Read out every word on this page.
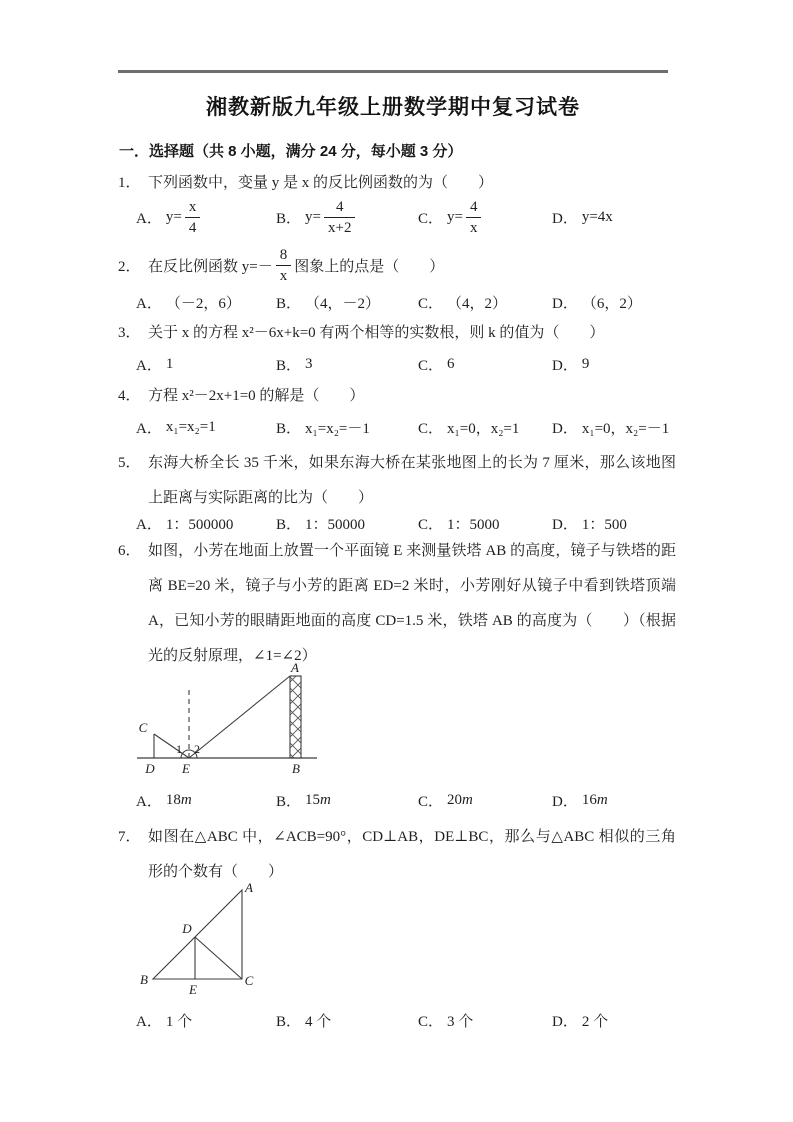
湘教新版九年级上册数学期中复习试卷
一．选择题（共 8 小题，满分 24 分，每小题 3 分）
1． 下列函数中，变量 y 是 x 的反比例函数的为（　　）
A． $y= \frac{x}{4}$	B． $y= \frac{4}{x+2}$	C． $y= \frac{4}{x}$	D． y=4x
2． 在反比例函数 $y=- \frac{8}{x}$ 图象上的点是（　　）
A． （－2，6） B． （4，－2）	C． （4，2）	D． （6，2）
3． 关于 x 的方程 x²－6x+k=0 有两个相等的实数根，则 k 的值为（　　）
A． 1	B． 3	C． 6	D． 9
4． 方程 x²－2x+1=0 的解是（　　）
A． x₁=x₂=1	B． x₁=x₂=－1	C． x₁=0，x₂=1 D． x₁=0，x₂=－1
5． 东海大桥全长 35 千米，如果东海大桥在某张地图上的长为 7 厘米，那么该地图上距离与实际距离的比为（　　）
A． 1：500000	B． 1：50000	C． 1：5000	D． 1：500
6． 如图，小芳在地面上放置一个平面镜 E 来测量铁塔 AB 的高度，镜子与铁塔的距离 BE=20 米，镜子与小芳的距离 ED=2 米时，小芳刚好从镜子中看到铁塔顶端 A，已知小芳的眼睛距地面的高度 CD=1.5 米，铁塔 AB 的高度为（　　）（根据光的反射原理，∠1=∠2）
A
B
C
D E
1 2
A． 18 m	B． 15 m	C． 20 m	D． 16 m
7． 如图在△ABC 中，∠ACB=90°，CD⊥AB，DE⊥BC，那么与△ABC 相似的三角形的个数有（　　）
A
B	C
D
E
A． 1 个	B． 4 个	C． 3 个	D． 2 个
